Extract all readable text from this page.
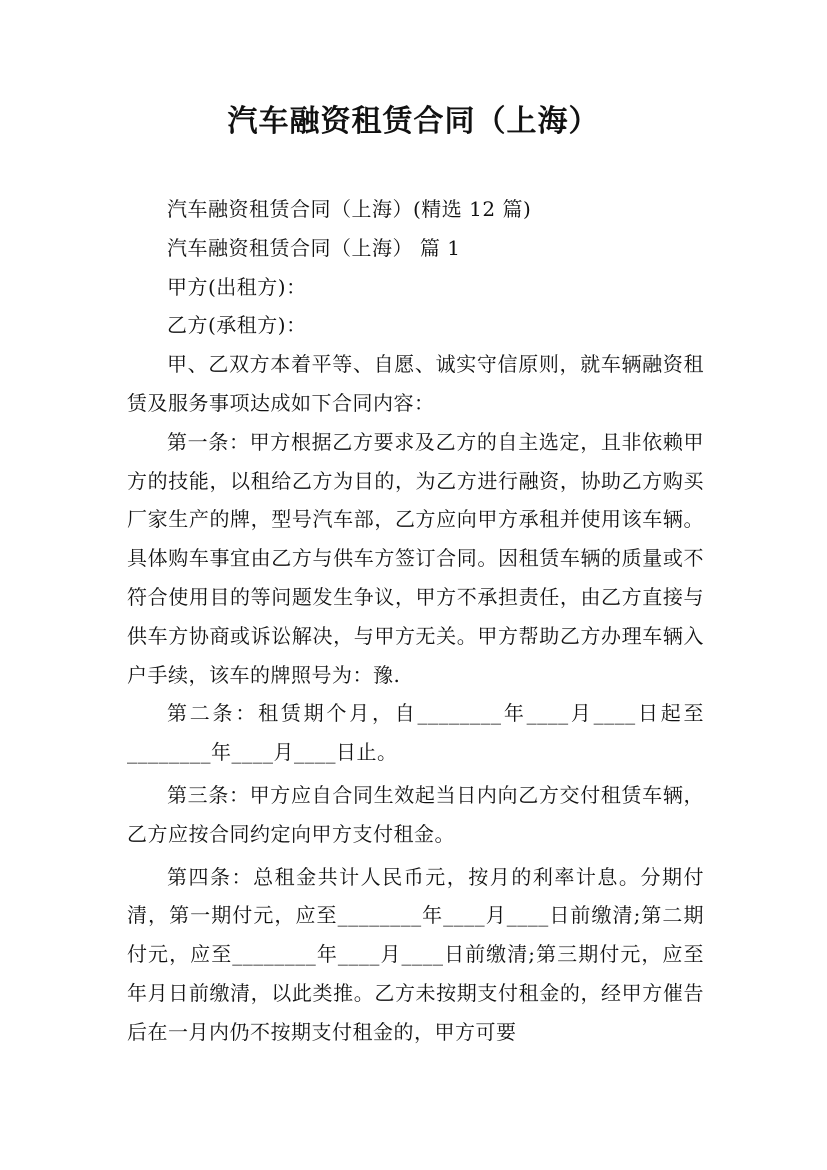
汽车融资租赁合同（上海）

汽车融资租赁合同（上海）(精选 12 篇)

汽车融资租赁合同（上海） 篇 1

甲方(出租方)：

乙方(承租方)：

甲、乙双方本着平等、自愿、诚实守信原则，就车辆融资租赁及服务事项达成如下合同内容：

第一条：甲方根据乙方要求及乙方的自主选定，且非依赖甲方的技能，以租给乙方为目的，为乙方进行融资，协助乙方购买厂家生产的牌，型号汽车部，乙方应向甲方承租并使用该车辆。具体购车事宜由乙方与供车方签订合同。因租赁车辆的质量或不符合使用目的等问题发生争议，甲方不承担责任，由乙方直接与供车方协商或诉讼解决，与甲方无关。甲方帮助乙方办理车辆入户手续，该车的牌照号为：豫.

第二条：租赁期个月，自________年____月____日起至________年____月____日止。

第三条：甲方应自合同生效起当日内向乙方交付租赁车辆，乙方应按合同约定向甲方支付租金。

第四条：总租金共计人民币元，按月的利率计息。分期付清，第一期付元，应至________年____月____日前缴清;第二期付元，应至________年____月____日前缴清;第三期付元，应至年月日前缴清，以此类推。乙方未按期支付租金的，经甲方催告后在一月内仍不按期支付租金的，甲方可要
